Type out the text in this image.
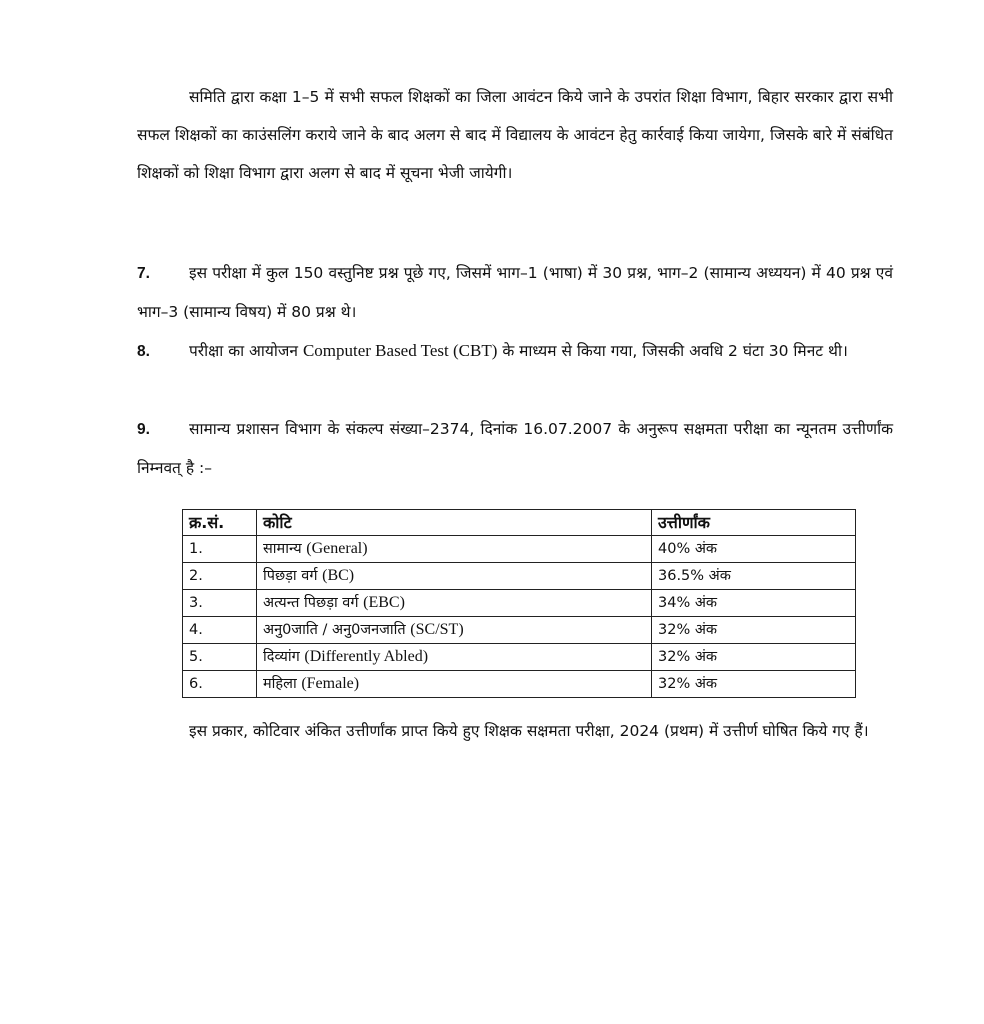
समिति द्वारा कक्षा 1–5 में सभी सफल शिक्षकों का जिला आवंटन किये जाने के उपरांत शिक्षा विभाग, बिहार सरकार द्वारा सभी सफल शिक्षकों का काउंसलिंग कराये जाने के बाद अलग से बाद में विद्यालय के आवंटन हेतु कार्रवाई किया जायेगा, जिसके बारे में संबंधित शिक्षकों को शिक्षा विभाग द्वारा अलग से बाद में सूचना भेजी जायेगी।

7.	इस परीक्षा में कुल 150 वस्तुनिष्ट प्रश्न पूछे गए, जिसमें भाग–1 (भाषा) में 30 प्रश्न, भाग–2 (सामान्य अध्ययन) में 40 प्रश्न एवं भाग–3 (सामान्य विषय) में 80 प्रश्न थे।

8.	परीक्षा का आयोजन Computer Based Test (CBT) के माध्यम से किया गया, जिसकी अवधि 2 घंटा 30 मिनट थी।

9.	सामान्य प्रशासन विभाग के संकल्प संख्या–2374, दिनांक 16.07.2007 के अनुरूप सक्षमता परीक्षा का न्यूनतम उत्तीर्णांक निम्नवत् है :–

क्र.सं.	कोटि	उत्तीर्णांक
1.	सामान्य (General)	40% अंक
2.	पिछड़ा वर्ग (BC)	36.5% अंक
3.	अत्यन्त पिछड़ा वर्ग (EBC)	34% अंक
4.	अनु0जाति / अनु0जनजाति (SC/ST)	32% अंक
5.	दिव्यांग (Differently Abled)	32% अंक
6.	महिला (Female)	32% अंक

इस प्रकार, कोटिवार अंकित उत्तीर्णांक प्राप्त किये हुए शिक्षक सक्षमता परीक्षा, 2024 (प्रथम) में उत्तीर्ण घोषित किये गए हैं।
